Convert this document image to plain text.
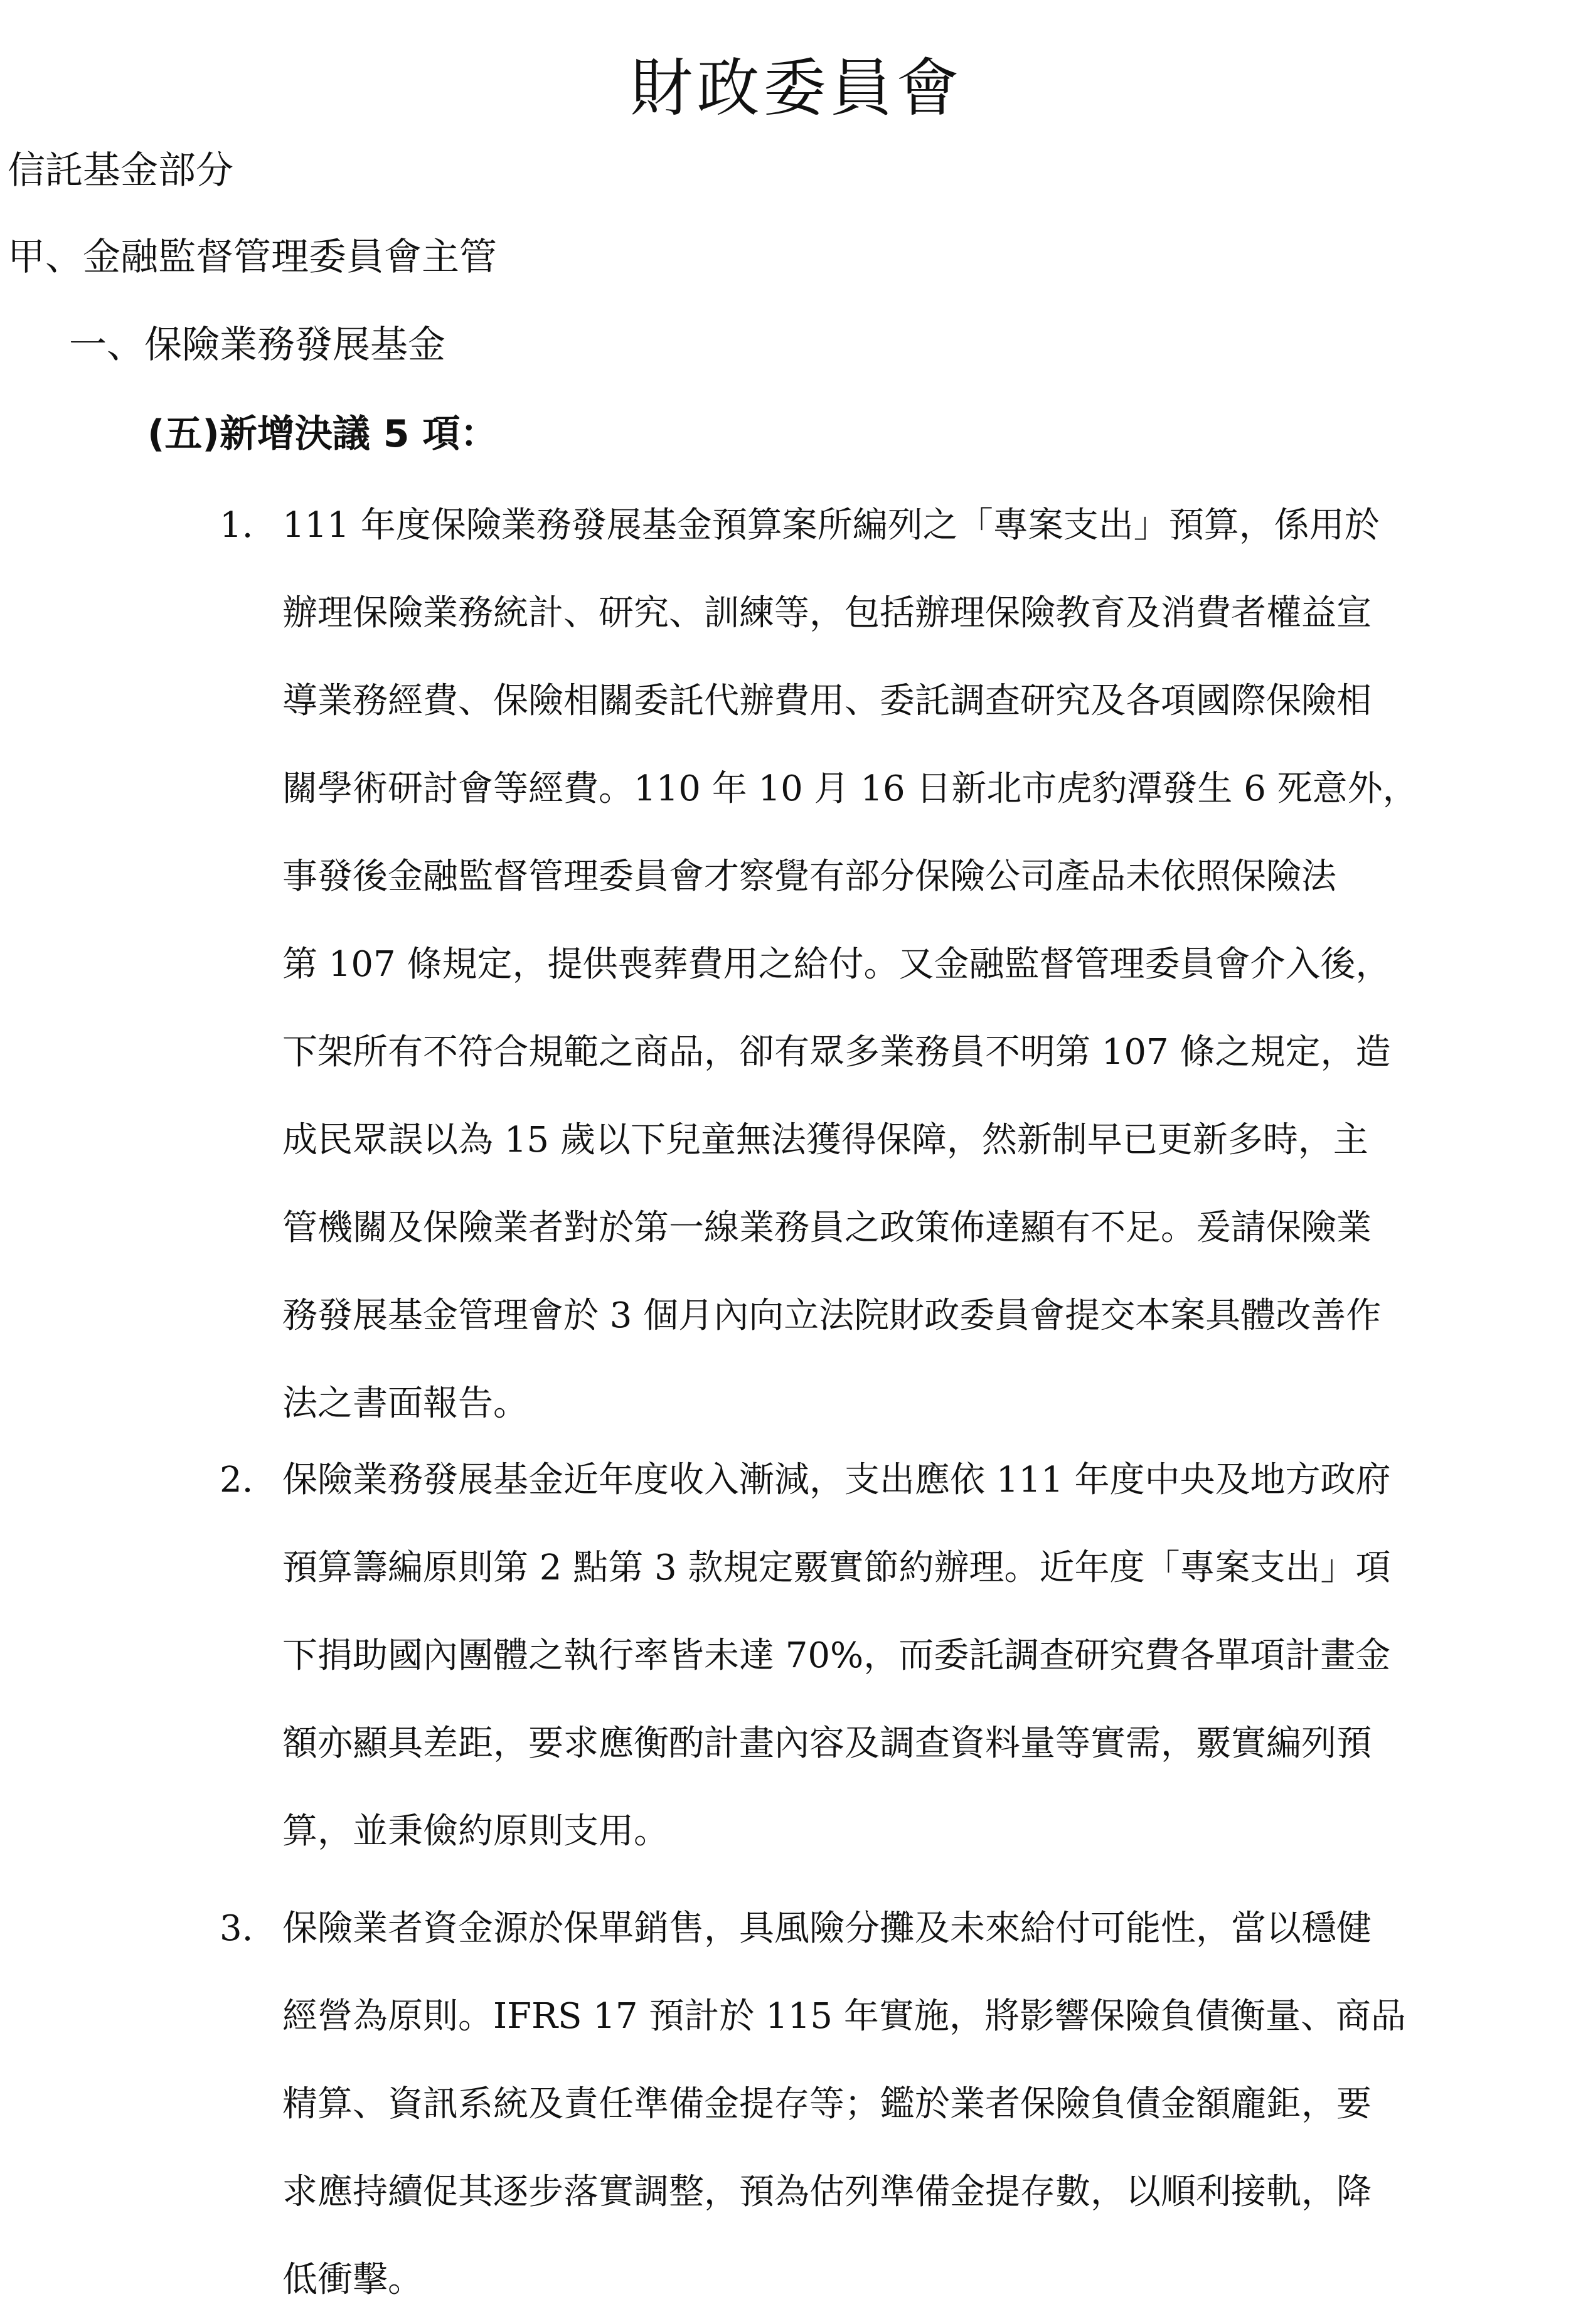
財政委員會

信託基金部分

甲、金融監督管理委員會主管

一、保險業務發展基金

(五)新增決議 5 項：

1. 111 年度保險業務發展基金預算案所編列之「專案支出」預算，係用於
辦理保險業務統計、研究、訓練等，包括辦理保險教育及消費者權益宣
導業務經費、保險相關委託代辦費用、委託調查研究及各項國際保險相
關學術研討會等經費。110 年 10 月 16 日新北市虎豹潭發生 6 死意外，
事發後金融監督管理委員會才察覺有部分保險公司產品未依照保險法
第 107 條規定，提供喪葬費用之給付。又金融監督管理委員會介入後，
下架所有不符合規範之商品，卻有眾多業務員不明第 107 條之規定，造
成民眾誤以為 15 歲以下兒童無法獲得保障，然新制早已更新多時，主
管機關及保險業者對於第一線業務員之政策佈達顯有不足。爰請保險業
務發展基金管理會於 3 個月內向立法院財政委員會提交本案具體改善作
法之書面報告。
2. 保險業務發展基金近年度收入漸減，支出應依 111 年度中央及地方政府
預算籌編原則第 2 點第 3 款規定覈實節約辦理。近年度「專案支出」項
下捐助國內團體之執行率皆未達 70%，而委託調查研究費各單項計畫金
額亦顯具差距，要求應衡酌計畫內容及調查資料量等實需，覈實編列預
算，並秉儉約原則支用。
3. 保險業者資金源於保單銷售，具風險分攤及未來給付可能性，當以穩健
經營為原則。IFRS 17 預計於 115 年實施，將影響保險負債衡量、商品
精算、資訊系統及責任準備金提存等；鑑於業者保險負債金額龐鉅，要
求應持續促其逐步落實調整，預為估列準備金提存數，以順利接軌，降
低衝擊。
